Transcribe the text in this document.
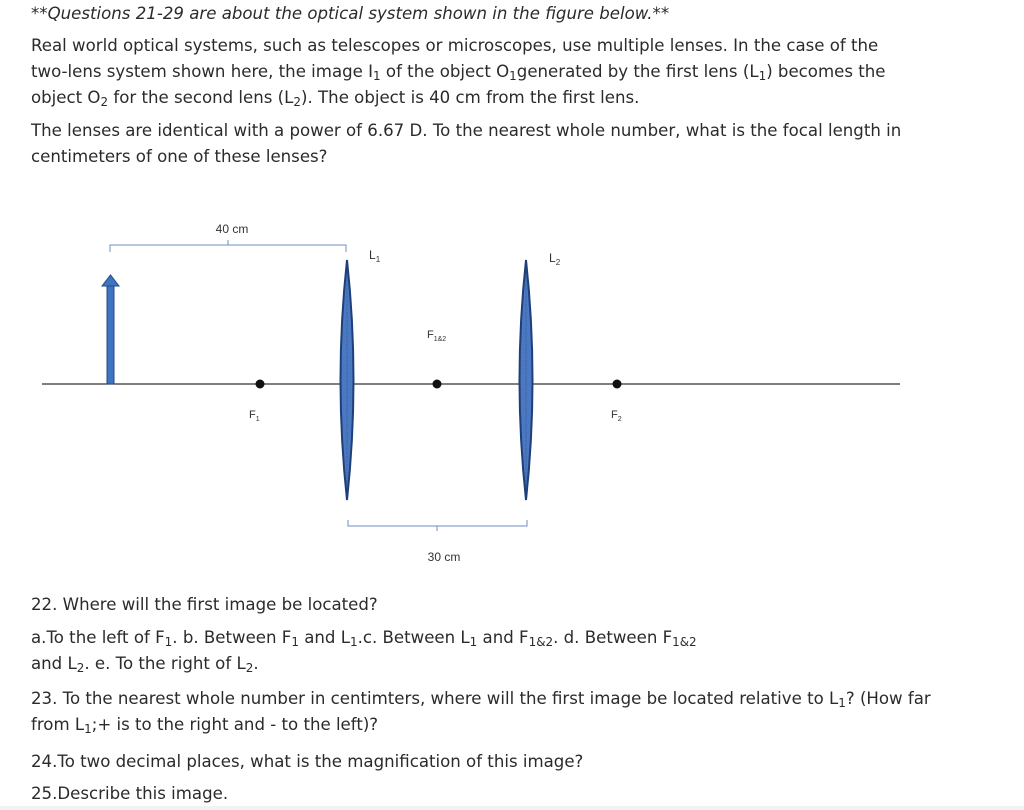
**Questions 21-29 are about the optical system shown in the figure below.**

Real world optical systems, such as telescopes or microscopes, use multiple lenses. In the case of the two-lens system shown here, the image $I_1$ of the object $O_1generated$ by the first lens $(L_1)$ becomes the object $O_2$ for the second lens $(L_2)$. The object is 40 cm from the first lens.

The lenses are identical with a power of 6.67 D. To the nearest whole number, what is the focal length in centimeters of one of these lenses?

40 cm
$L_1$	$L_2$
$F_1$
$F_{1\&2}$
$F_2$
30 cm

22. Where will the first image be located?

a.To the left of $F_1$. b. Between $F_1$ and $L_1.c$. Between $L_1$ and $F_{1\&2}$. d. Between $F_{1\&2}$ and $L_2$. e. To the right of $L_2$.

23. To the nearest whole number in centimters, where will the first image be located relative to $L_1$? (How far from $L_1;+$ is to the right and - to the left)?

24.To two decimal places, what is the magnification of this image?

25.Describe this image.
